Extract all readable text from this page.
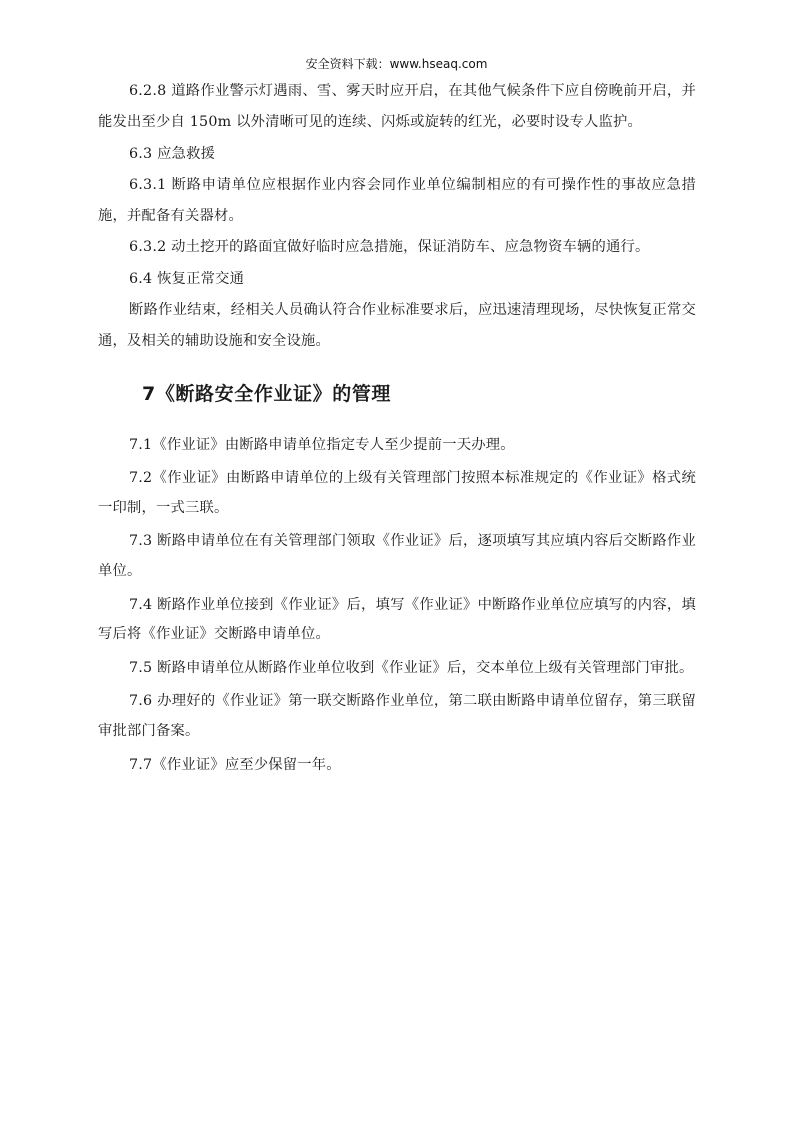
安全资料下载：www.hseaq.com

6.2.8 道路作业警示灯遇雨、雪、雾天时应开启，在其他气候条件下应自傍晚前开启，并能发出至少自 150m 以外清晰可见的连续、闪烁或旋转的红光，必要时设专人监护。

6.3 应急救援

6.3.1 断路申请单位应根据作业内容会同作业单位编制相应的有可操作性的事故应急措施，并配备有关器材。

6.3.2 动土挖开的路面宜做好临时应急措施，保证消防车、应急物资车辆的通行。

6.4 恢复正常交通

断路作业结束，经相关人员确认符合作业标准要求后，应迅速清理现场，尽快恢复正常交通，及相关的辅助设施和安全设施。

7《断路安全作业证》的管理

7.1《作业证》由断路申请单位指定专人至少提前一天办理。

7.2《作业证》由断路申请单位的上级有关管理部门按照本标准规定的《作业证》格式统一印制，一式三联。

7.3 断路申请单位在有关管理部门领取《作业证》后，逐项填写其应填内容后交断路作业单位。

7.4 断路作业单位接到《作业证》后，填写《作业证》中断路作业单位应填写的内容，填写后将《作业证》交断路申请单位。

7.5 断路申请单位从断路作业单位收到《作业证》后，交本单位上级有关管理部门审批。

7.6 办理好的《作业证》第一联交断路作业单位，第二联由断路申请单位留存，第三联留审批部门备案。

7.7《作业证》应至少保留一年。
